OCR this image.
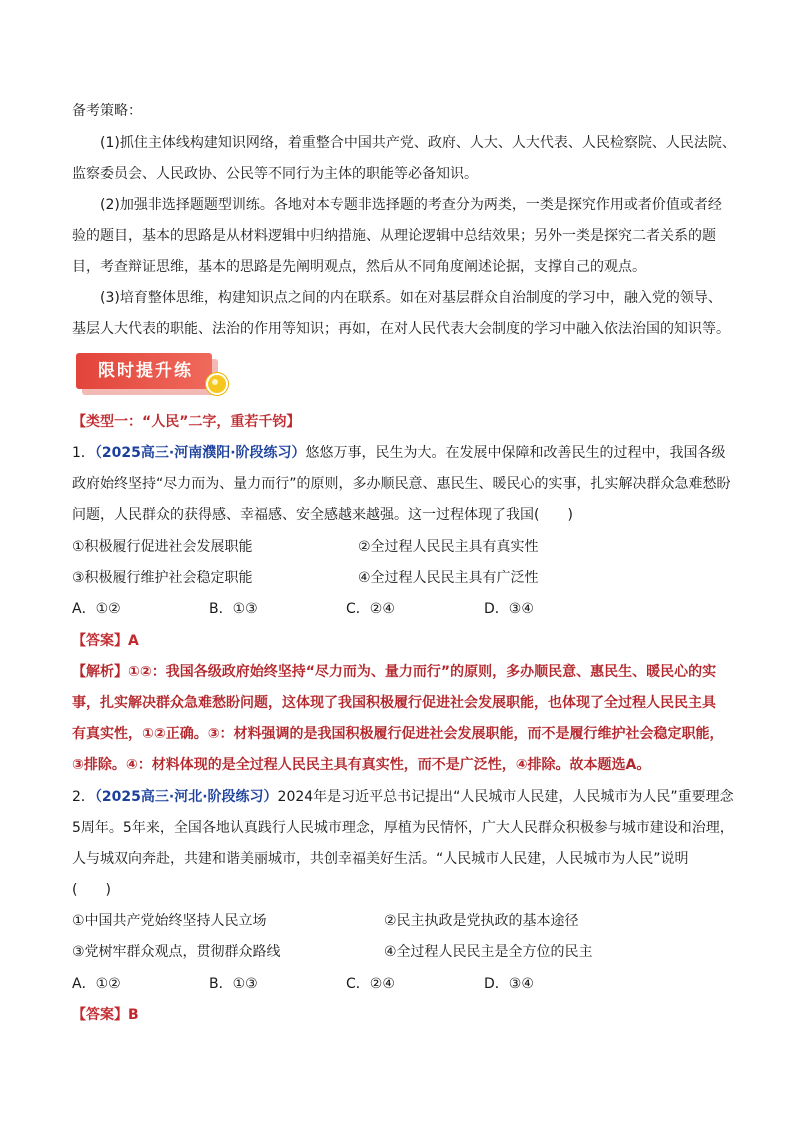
备考策略：
(1)抓住主体线构建知识网络，着重整合中国共产党、政府、人大、人大代表、人民检察院、人民法院、
监察委员会、人民政协、公民等不同行为主体的职能等必备知识。
(2)加强非选择题题型训练。各地对本专题非选择题的考查分为两类，一类是探究作用或者价值或者经
验的题目，基本的思路是从材料逻辑中归纳措施、从理论逻辑中总结效果；另外一类是探究二者关系的题
目，考查辩证思维，基本的思路是先阐明观点，然后从不同角度阐述论据，支撑自己的观点。
(3)培育整体思维，构建知识点之间的内在联系。如在对基层群众自治制度的学习中，融入党的领导、
基层人大代表的职能、法治的作用等知识；再如，在对人民代表大会制度的学习中融入依法治国的知识等。
限时提升练
【类型一：“人民”二字，重若千钧】
1．（2025高三·河南濮阳·阶段练习）悠悠万事，民生为大。在发展中保障和改善民生的过程中，我国各级
政府始终坚持“尽力而为、量力而行”的原则，多办顺民意、惠民生、暖民心的实事，扎实解决群众急难愁盼
问题，人民群众的获得感、幸福感、安全感越来越强。这一过程体现了我国(　　)
①积极履行促进社会发展职能	②全过程人民民主具有真实性
③积极履行维护社会稳定职能	④全过程人民民主具有广泛性
A．①②	B．①③	C．②④	D．③④
【答案】A
【解析】①②：我国各级政府始终坚持“尽力而为、量力而行”的原则，多办顺民意、惠民生、暖民心的实
事，扎实解决群众急难愁盼问题，这体现了我国积极履行促进社会发展职能，也体现了全过程人民民主具
有真实性，①②正确。③：材料强调的是我国积极履行促进社会发展职能，而不是履行维护社会稳定职能，
③排除。④：材料体现的是全过程人民民主具有真实性，而不是广泛性，④排除。故本题选A。
2．（2025高三·河北·阶段练习）2024年是习近平总书记提出“人民城市人民建，人民城市为人民”重要理念
5周年。5年来，全国各地认真践行人民城市理念，厚植为民情怀，广大人民群众积极参与城市建设和治理，
人与城双向奔赴，共建和谐美丽城市，共创幸福美好生活。“人民城市人民建，人民城市为人民”说明
(　　)
①中国共产党始终坚持人民立场	②民主执政是党执政的基本途径
③党树牢群众观点，贯彻群众路线	④全过程人民民主是全方位的民主
A．①②	B．①③	C．②④	D．③④
【答案】B
